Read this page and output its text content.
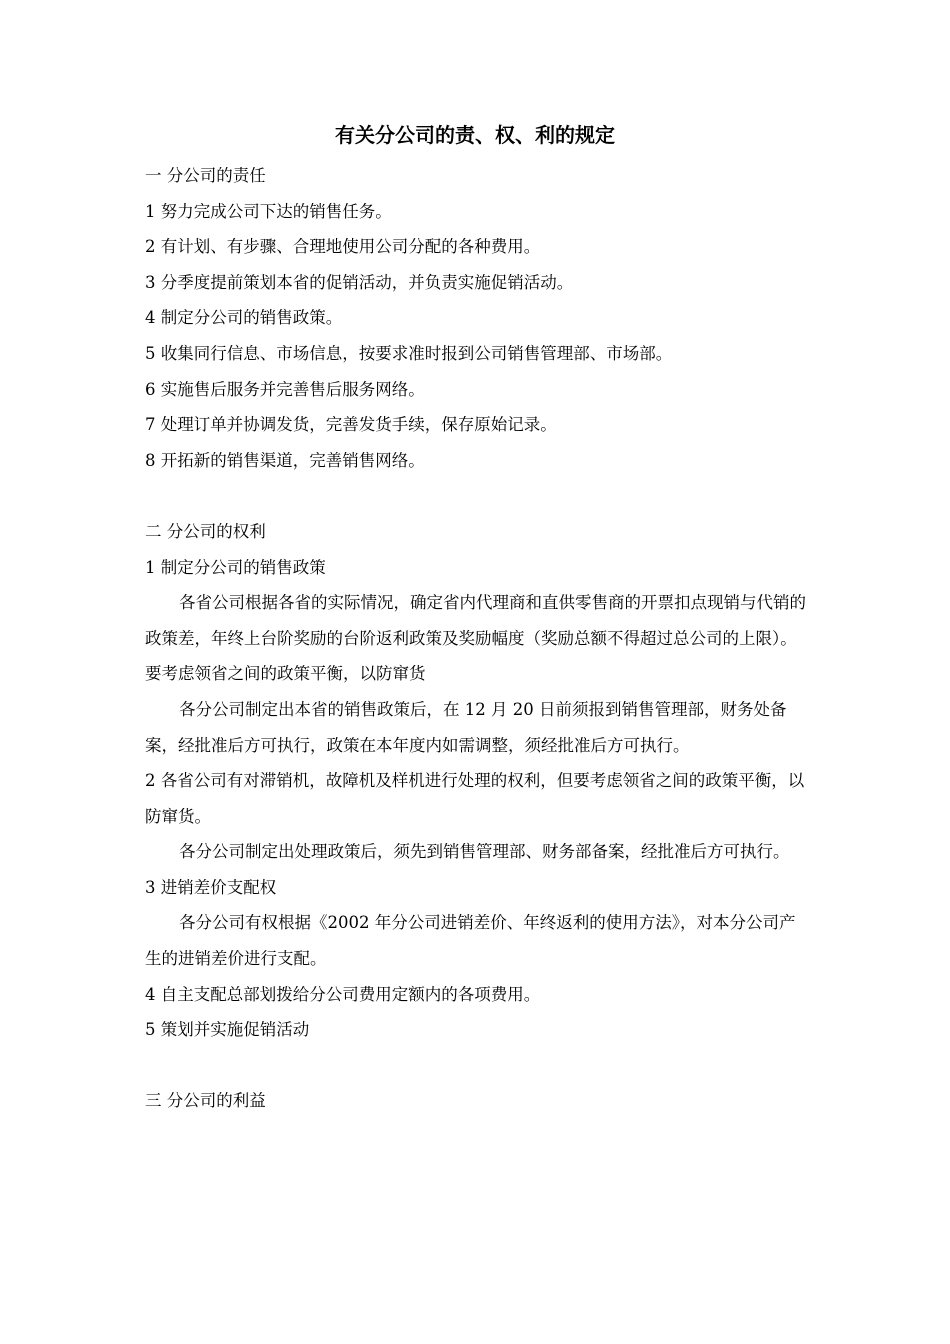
有关分公司的责、权、利的规定

一 分公司的责任

1 努力完成公司下达的销售任务。

2 有计划、有步骤、合理地使用公司分配的各种费用。

3 分季度提前策划本省的促销活动，并负责实施促销活动。

4 制定分公司的销售政策。

5 收集同行信息、市场信息，按要求准时报到公司销售管理部、市场部。

6 实施售后服务并完善售后服务网络。

7 处理订单并协调发货，完善发货手续，保存原始记录。

8 开拓新的销售渠道，完善销售网络。

二 分公司的权利

1 制定分公司的销售政策

各省公司根据各省的实际情况，确定省内代理商和直供零售商的开票扣点现销与代销的政策差，年终上台阶奖励的台阶返利政策及奖励幅度（奖励总额不得超过总公司的上限）。要考虑领省之间的政策平衡，以防窜货

各分公司制定出本省的销售政策后，在 12 月 20 日前须报到销售管理部，财务处备案，经批准后方可执行，政策在本年度内如需调整，须经批准后方可执行。

2 各省公司有对滞销机，故障机及样机进行处理的权利，但要考虑领省之间的政策平衡，以防窜货。

各分公司制定出处理政策后，须先到销售管理部、财务部备案，经批准后方可执行。

3 进销差价支配权

各分公司有权根据《2002 年分公司进销差价、年终返利的使用方法》，对本分公司产生的进销差价进行支配。

4 自主支配总部划拨给分公司费用定额内的各项费用。

5 策划并实施促销活动

三 分公司的利益
